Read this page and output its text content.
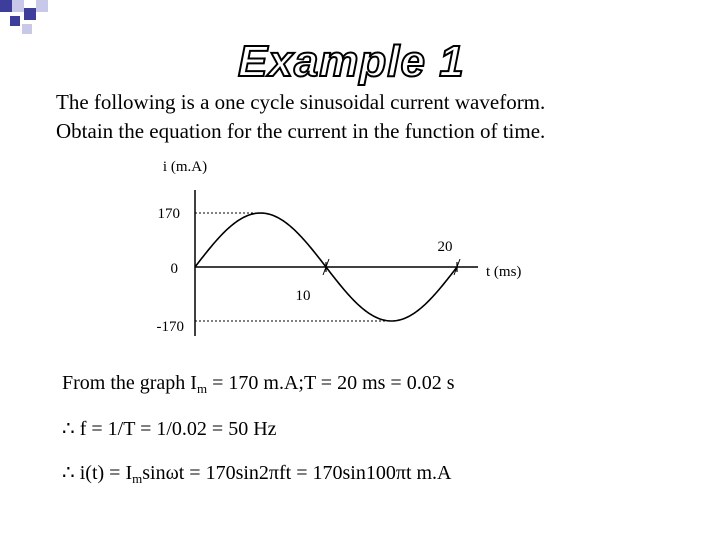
Example 1
The following is a one cycle sinusoidal current waveform.
Obtain the equation for the current in the function of time.
i (m.A)
t (ms)
170
0
-170
10
20
From the graph $I_m = 170$ m.A;T = 20 ms = 0.02 s
∴ f = 1/T = 1/0.02 = 50 Hz
∴ $i(t) = I_m\sin\omega t = 170\sin 2\pi ft = 170\sin 100\pi t$ m.A
